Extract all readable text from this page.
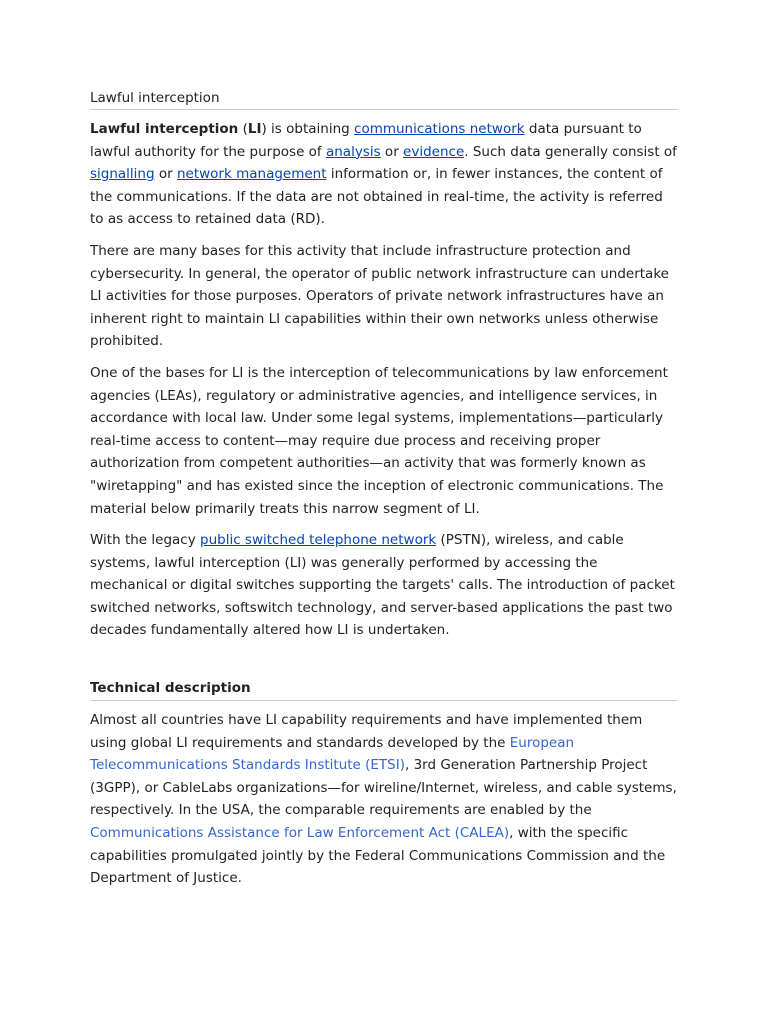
Lawful interception

Lawful interception (LI) is obtaining communications network data pursuant to lawful authority for the purpose of analysis or evidence. Such data generally consist of signalling or network management information or, in fewer instances, the content of the communications. If the data are not obtained in real-time, the activity is referred to as access to retained data (RD).

There are many bases for this activity that include infrastructure protection and cybersecurity. In general, the operator of public network infrastructure can undertake LI activities for those purposes. Operators of private network infrastructures have an inherent right to maintain LI capabilities within their own networks unless otherwise prohibited.

One of the bases for LI is the interception of telecommunications by law enforcement agencies (LEAs), regulatory or administrative agencies, and intelligence services, in accordance with local law. Under some legal systems, implementations—particularly real-time access to content—may require due process and receiving proper authorization from competent authorities—an activity that was formerly known as "wiretapping" and has existed since the inception of electronic communications. The material below primarily treats this narrow segment of LI.

With the legacy public switched telephone network (PSTN), wireless, and cable systems, lawful interception (LI) was generally performed by accessing the mechanical or digital switches supporting the targets' calls. The introduction of packet switched networks, softswitch technology, and server-based applications the past two decades fundamentally altered how LI is undertaken.

Technical description

Almost all countries have LI capability requirements and have implemented them using global LI requirements and standards developed by the European Telecommunications Standards Institute (ETSI), 3rd Generation Partnership Project (3GPP), or CableLabs organizations—for wireline/Internet, wireless, and cable systems, respectively. In the USA, the comparable requirements are enabled by the Communications Assistance for Law Enforcement Act (CALEA), with the specific capabilities promulgated jointly by the Federal Communications Commission and the Department of Justice.
